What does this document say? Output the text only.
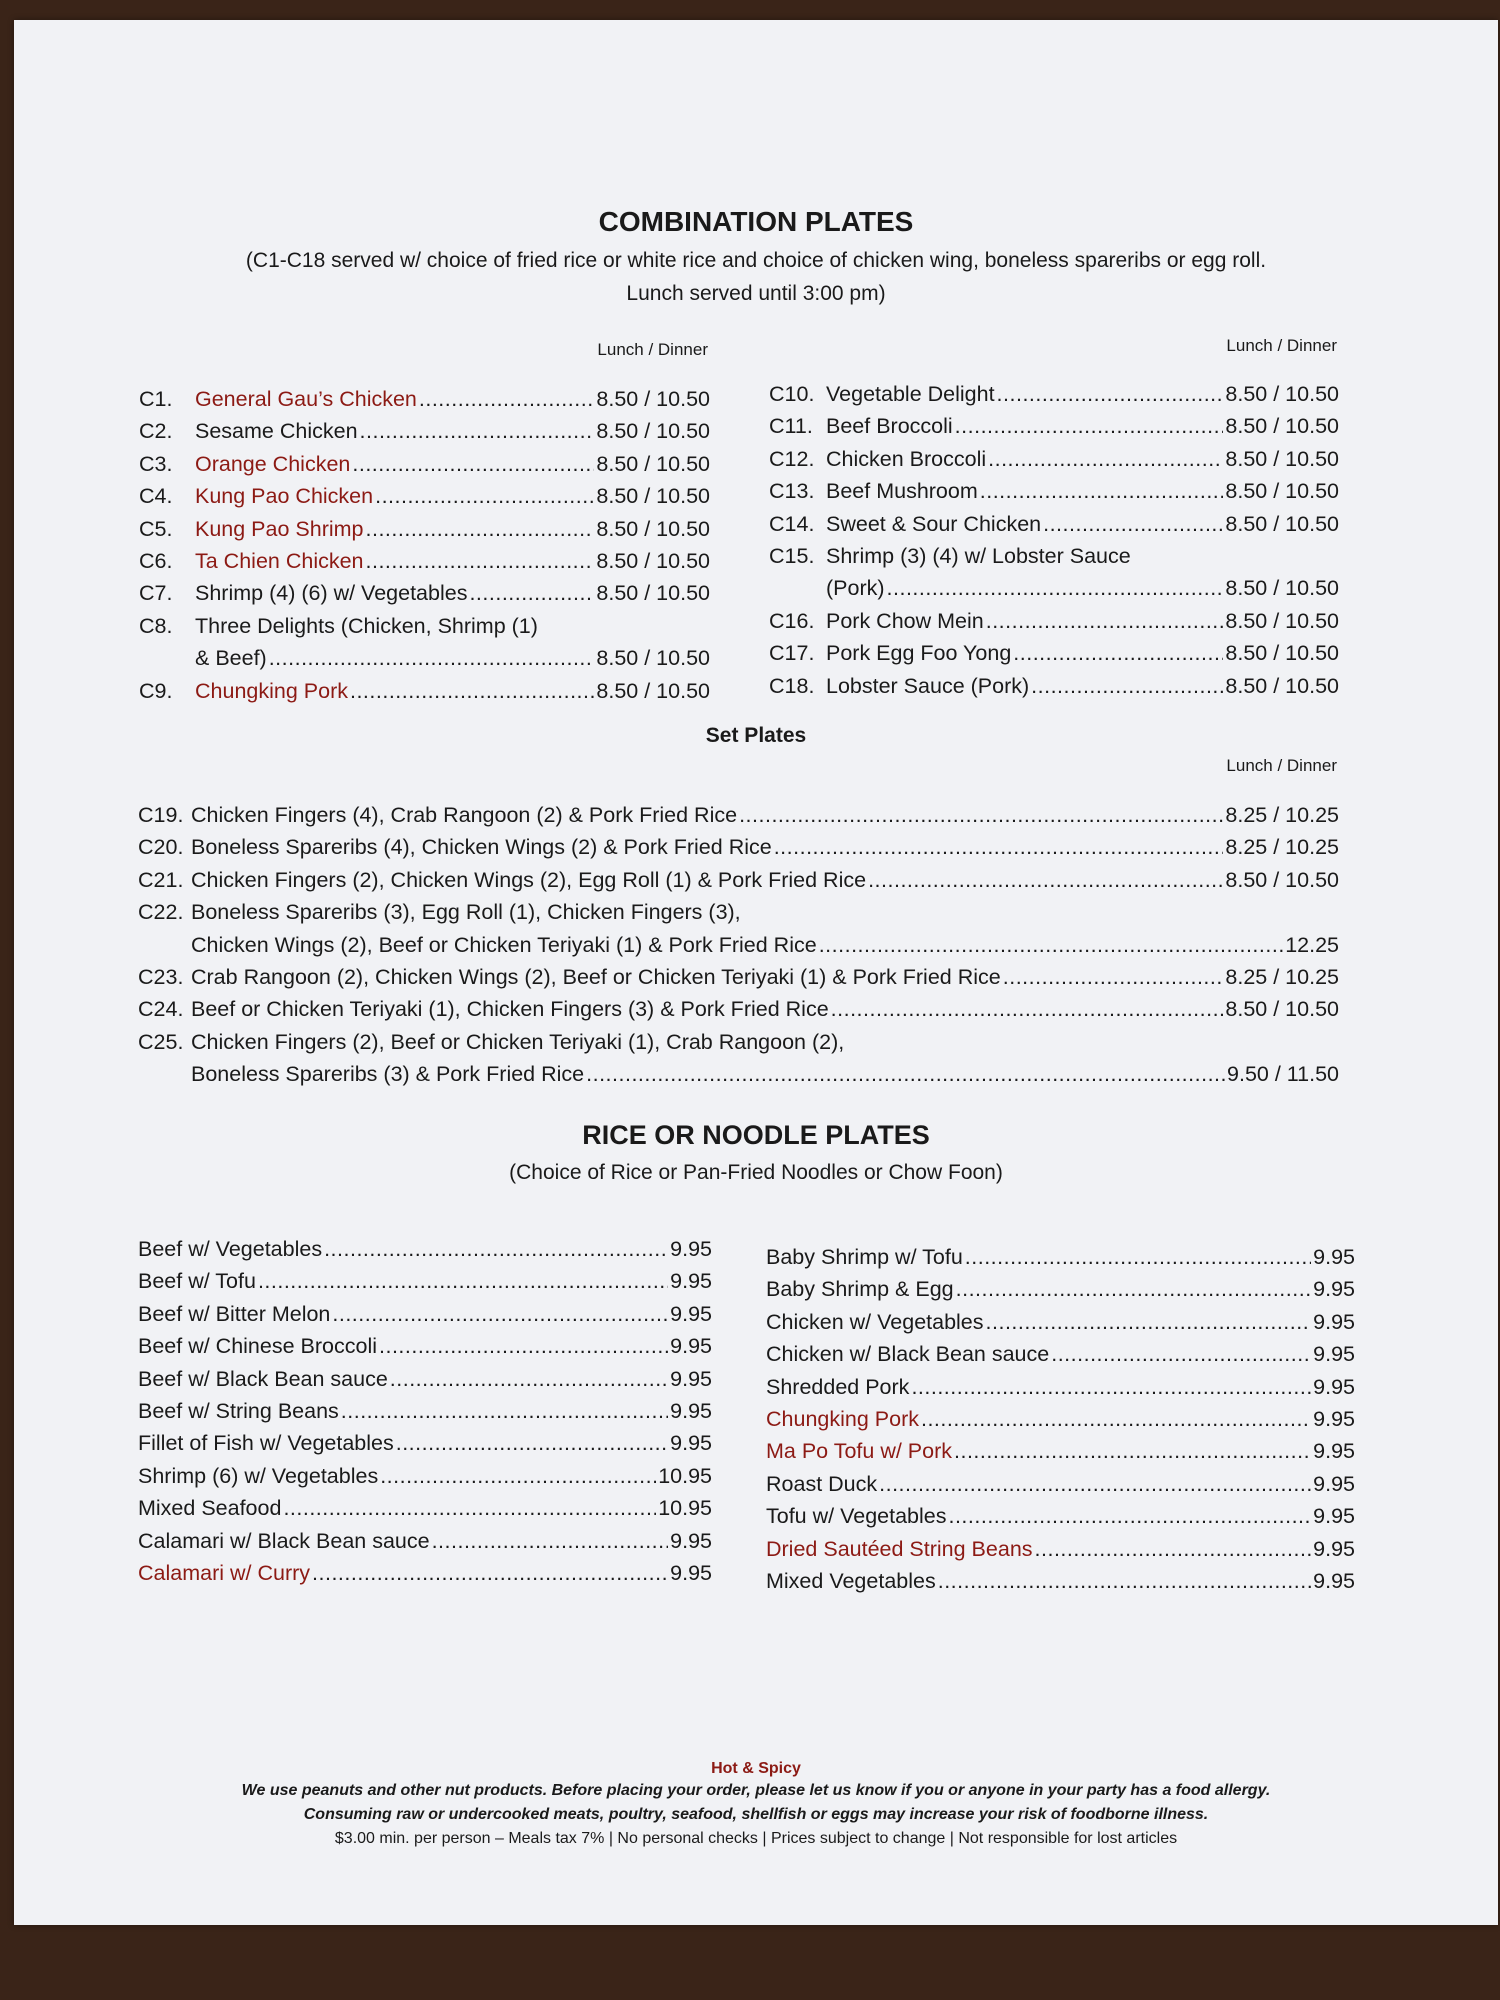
COMBINATION PLATES
(C1-C18 served w/ choice of fried rice or white rice and choice of chicken wing, boneless spareribs or egg roll.
Lunch served until 3:00 pm)
Lunch / Dinner	Lunch / Dinner
C1.	General Gau’s Chicken .....	8.50 / 10.50
C2.	Sesame Chicken .....	8.50 / 10.50
C3.	Orange Chicken .....	8.50 / 10.50
C4.	Kung Pao Chicken .....	8.50 / 10.50
C5.	Kung Pao Shrimp .....	8.50 / 10.50
C6.	Ta Chien Chicken .....	8.50 / 10.50
C7.	Shrimp (4) (6) w/ Vegetables .....	8.50 / 10.50
C8. Three Delights (Chicken, Shrimp (1)
& Beef) .....	8.50 / 10.50
C9.	Chungking Pork .....	8.50 / 10.50
C10. Vegetable Delight .....	8.50 / 10.50
C11. Beef Broccoli .....	8.50 / 10.50
C12. Chicken Broccoli .....	8.50 / 10.50
C13. Beef Mushroom .....	8.50 / 10.50
C14. Sweet & Sour Chicken .....	8.50 / 10.50
C15. Shrimp (3) (4) w/ Lobster Sauce
(Pork) .....	8.50 / 10.50
C16. Pork Chow Mein .....	8.50 / 10.50
C17. Pork Egg Foo Yong .....	8.50 / 10.50
C18. Lobster Sauce (Pork) .....	8.50 / 10.50
Set Plates
Lunch / Dinner
C19. Chicken Fingers (4), Crab Rangoon (2) & Pork Fried Rice .....	8.25 / 10.25
C20. Boneless Spareribs (4), Chicken Wings (2) & Pork Fried Rice .....	8.25 / 10.25
C21. Chicken Fingers (2), Chicken Wings (2), Egg Roll (1) & Pork Fried Rice .....	8.50 / 10.50
C22. Boneless Spareribs (3), Egg Roll (1), Chicken Fingers (3),
Chicken Wings (2), Beef or Chicken Teriyaki (1) & Pork Fried Rice .....	12.25
C23. Crab Rangoon (2), Chicken Wings (2), Beef or Chicken Teriyaki (1) & Pork Fried Rice .....	8.25 / 10.25
C24. Beef or Chicken Teriyaki (1), Chicken Fingers (3) & Pork Fried Rice .....	8.50 / 10.50
C25. Chicken Fingers (2), Beef or Chicken Teriyaki (1), Crab Rangoon (2),
Boneless Spareribs (3) & Pork Fried Rice .....	9.50 / 11.50
RICE OR NOODLE PLATES
(Choice of Rice or Pan-Fried Noodles or Chow Foon)
Beef w/ Vegetables .....	9.95
Beef w/ Tofu .....	9.95
Beef w/ Bitter Melon .....	9.95
Beef w/ Chinese Broccoli .....	9.95
Beef w/ Black Bean sauce .....	9.95
Beef w/ String Beans .....	9.95
Fillet of Fish w/ Vegetables .....	9.95
Shrimp (6) w/ Vegetables .....	10.95
Mixed Seafood .....	10.95
Calamari w/ Black Bean sauce .....	9.95
Calamari w/ Curry .....	9.95
Baby Shrimp w/ Tofu .....	9.95
Baby Shrimp & Egg .....	9.95
Chicken w/ Vegetables .....	9.95
Chicken w/ Black Bean sauce .....	9.95
Shredded Pork .....	9.95
Chungking Pork .....	9.95
Ma Po Tofu w/ Pork .....	9.95
Roast Duck .....	9.95
Tofu w/ Vegetables .....	9.95
Dried Sautéed String Beans .....	9.95
Mixed Vegetables .....	9.95
Hot & Spicy
We use peanuts and other nut products. Before placing your order, please let us know if you or anyone in your party has a food allergy.
Consuming raw or undercooked meats, poultry, seafood, shellfish or eggs may increase your risk of foodborne illness.
$3.00 min. per person – Meals tax 7% | No personal checks | Prices subject to change | Not responsible for lost articles
